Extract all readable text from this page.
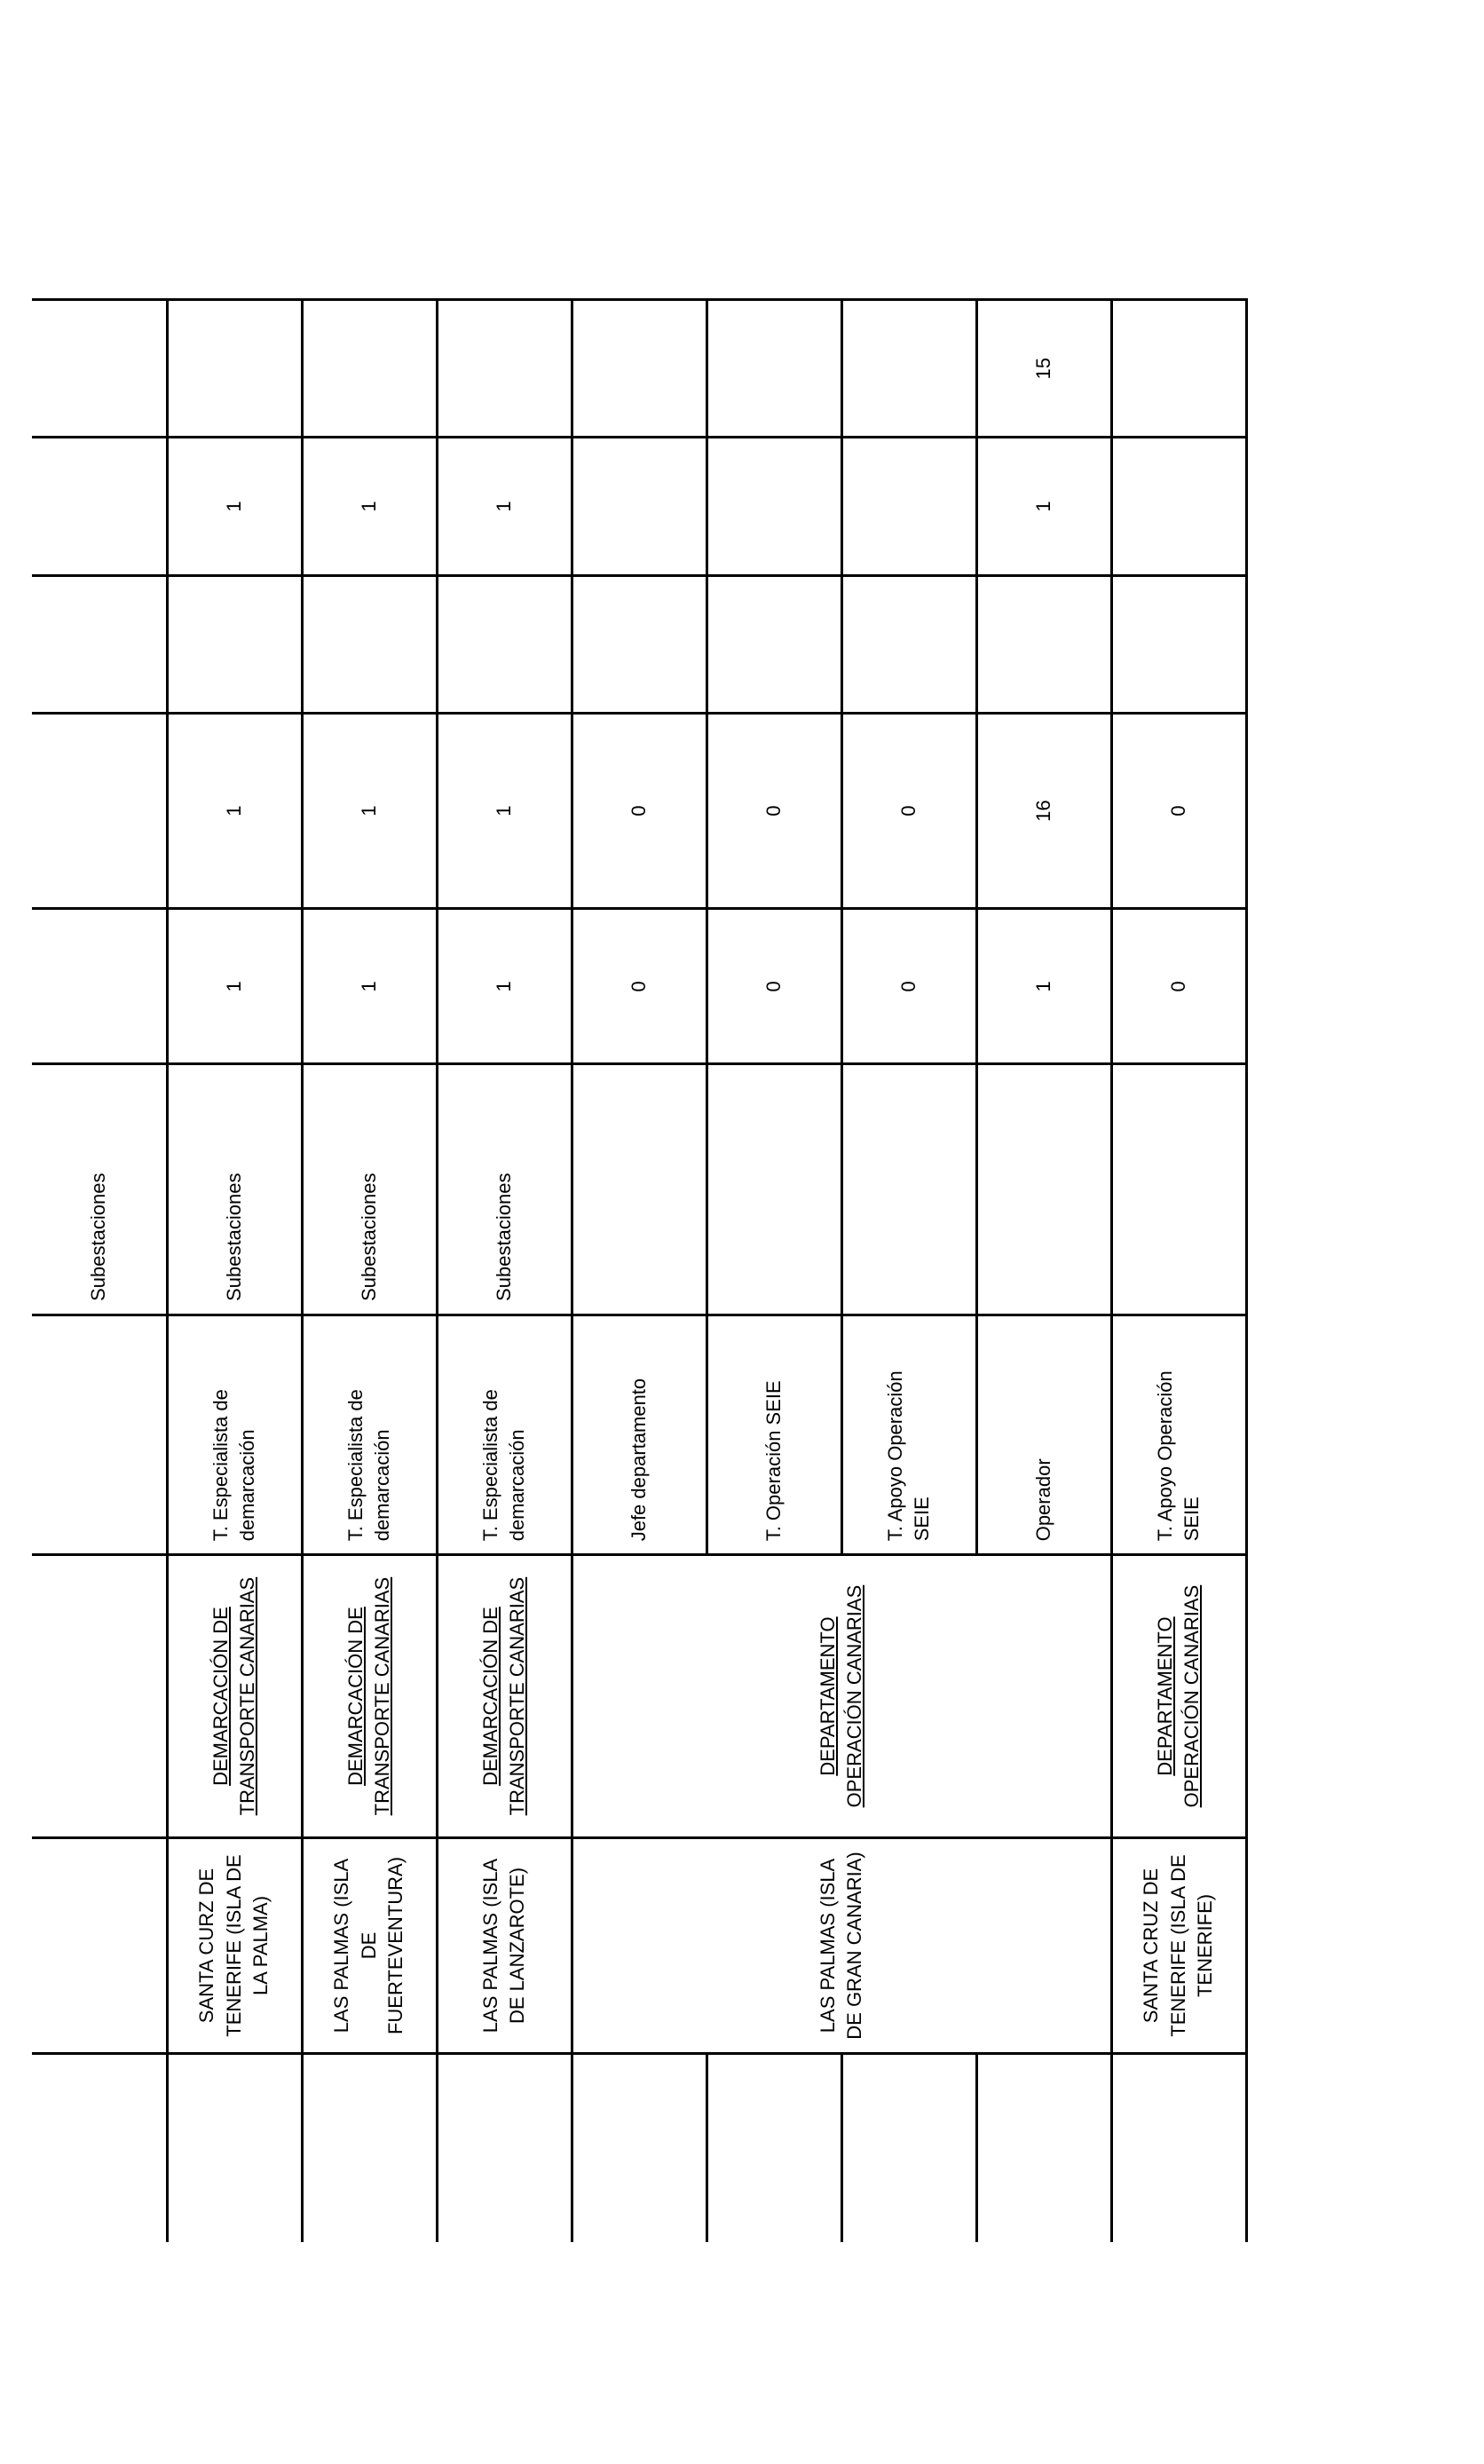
				Subestaciones					
	SANTA CURZ DE TENERIFE (ISLA DE LA PALMA)	DEMARCACIÓN DE TRANSPORTE CANARIAS	T. Especialista de demarcación	Subestaciones	1	1		1	
	LAS PALMAS (ISLA DE FUERTEVENTURA)	DEMARCACIÓN DE TRANSPORTE CANARIAS	T. Especialista de demarcación	Subestaciones	1	1		1	
	LAS PALMAS (ISLA DE LANZAROTE)	DEMARCACIÓN DE TRANSPORTE CANARIAS	T. Especialista de demarcación	Subestaciones	1	1		1	
	LAS PALMAS (ISLA DE GRAN CANARIA)	DEPARTAMENTO OPERACIÓN CANARIAS	Jefe departamento		0	0			
			T. Operación SEIE		0	0			
			T. Apoyo Operación SEIE		0	0			
			Operador		1	16		1	15
	SANTA CRUZ DE TENERIFE (ISLA DE TENERIFE)	DEPARTAMENTO OPERACIÓN CANARIAS	T. Apoyo Operación SEIE		0	0			
